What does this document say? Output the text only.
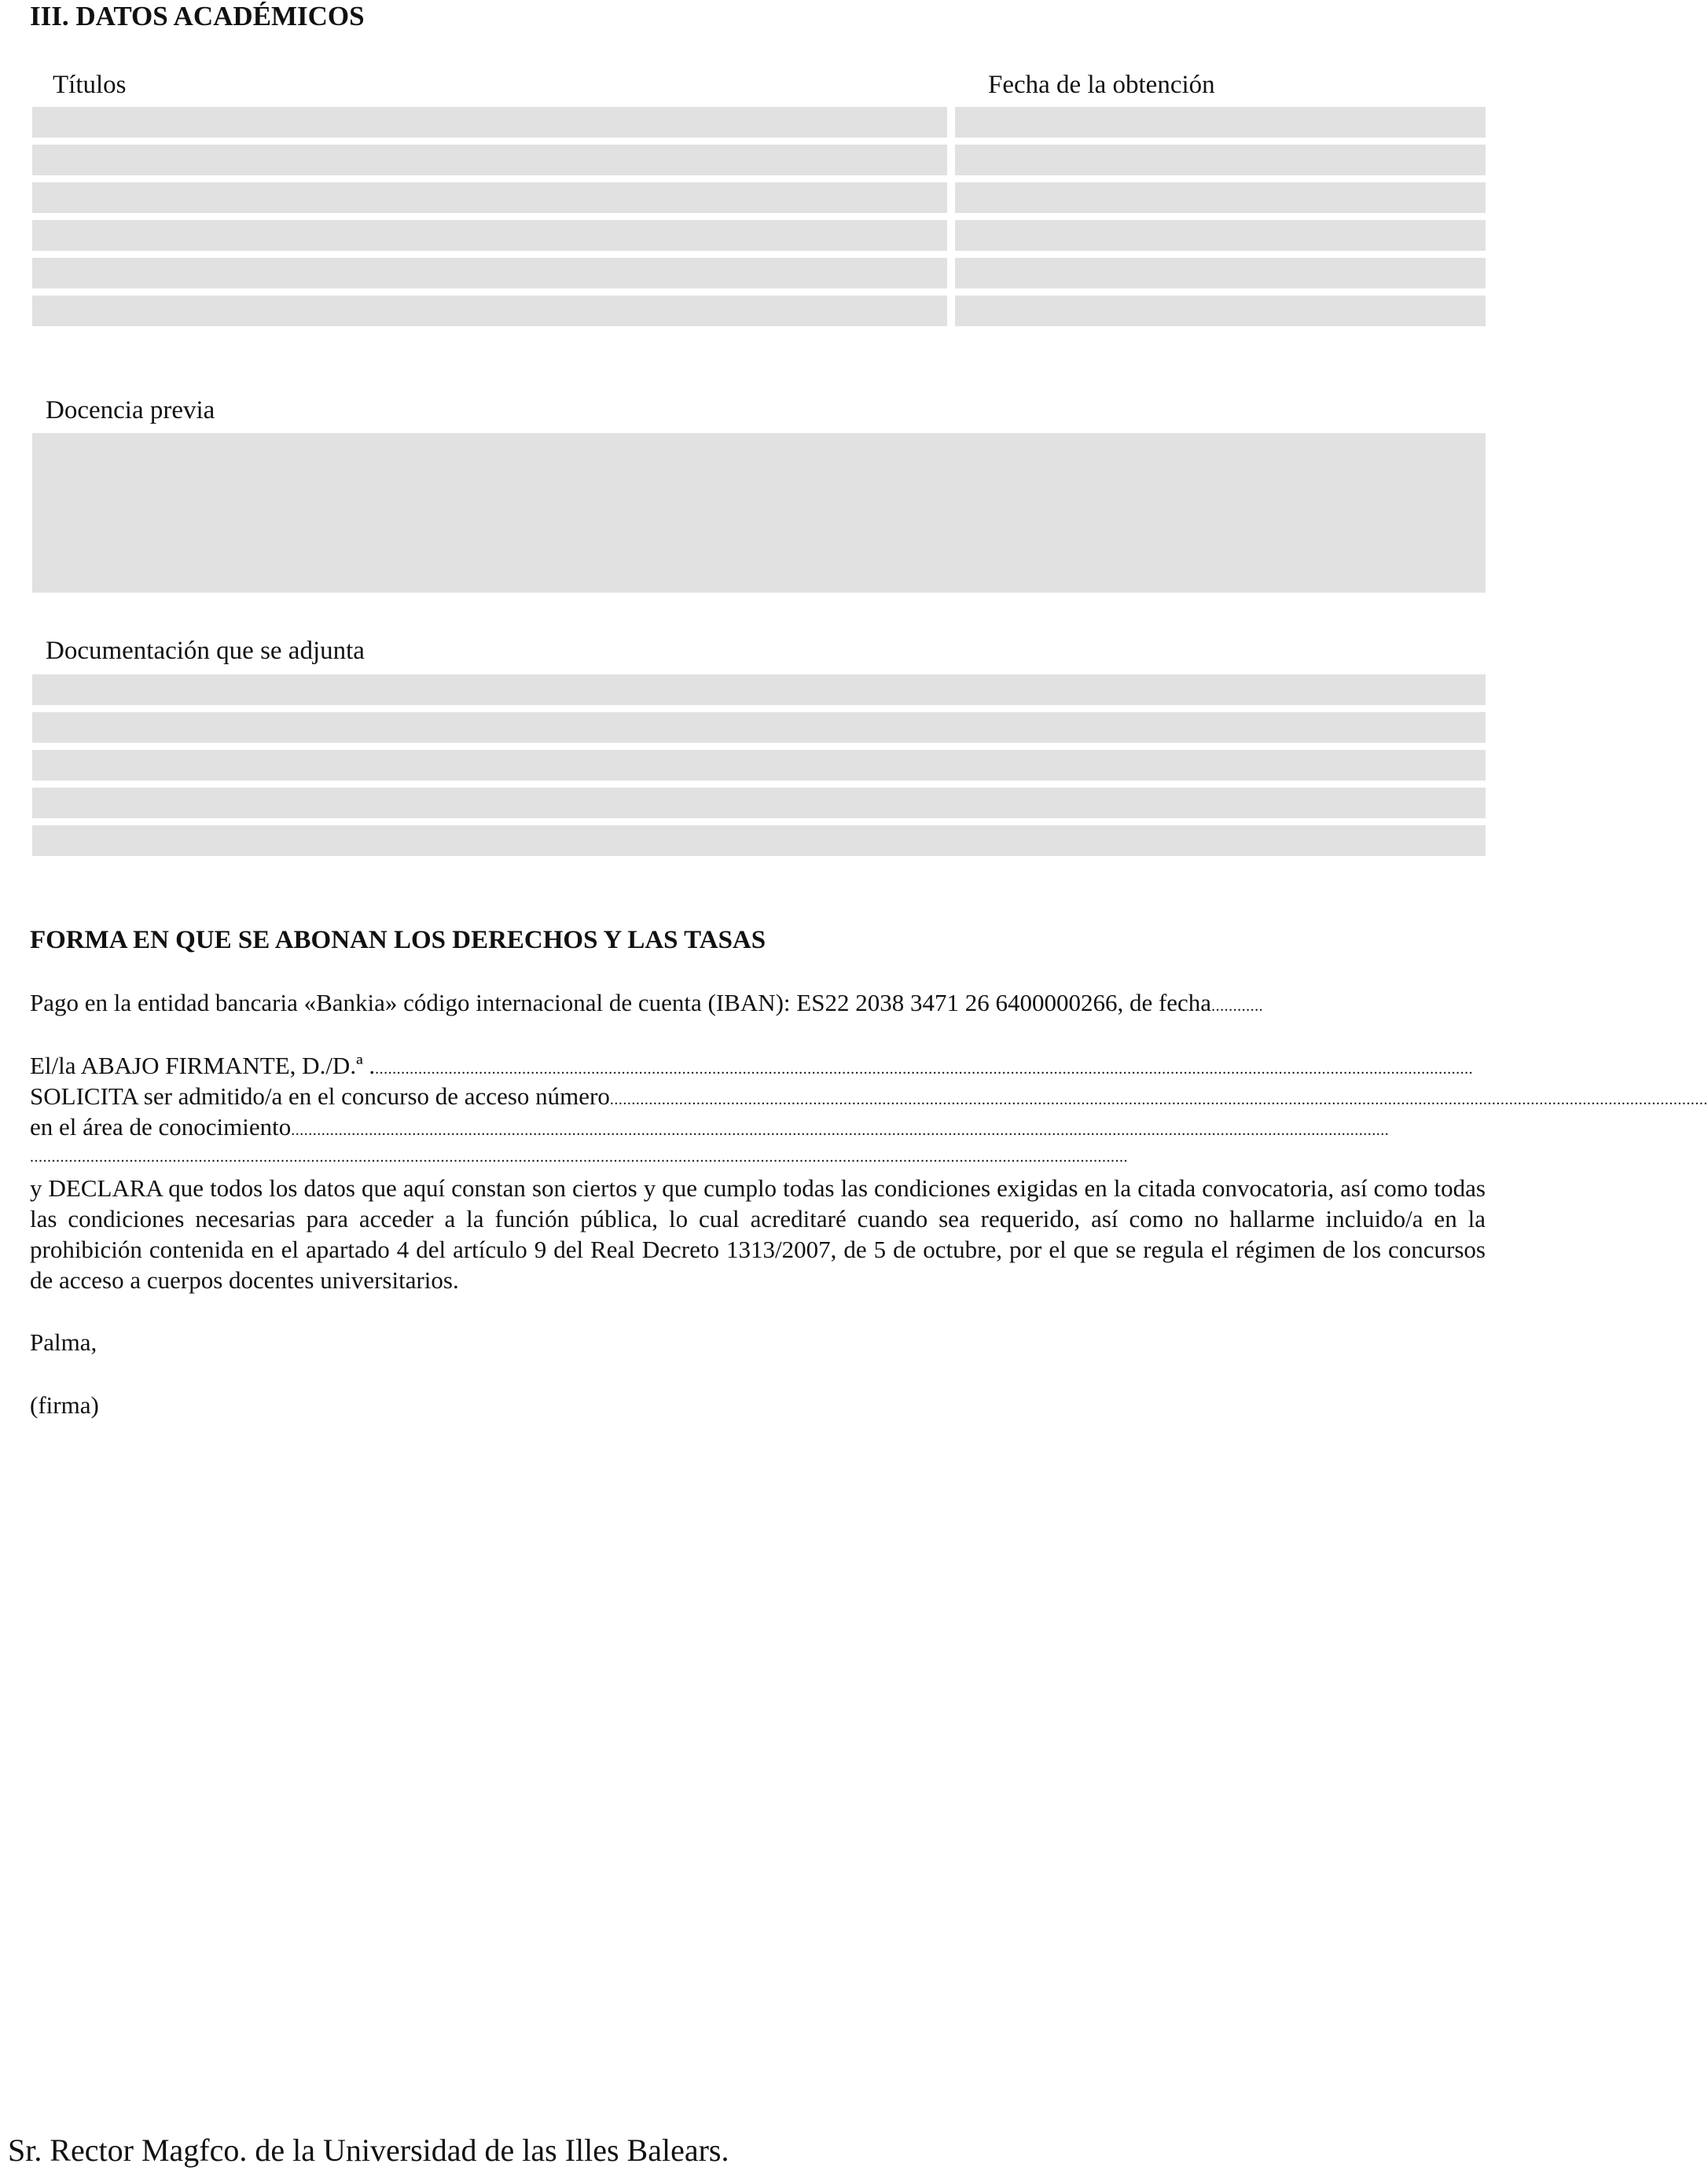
III. DATOS ACADÉMICOS
Títulos	Fecha de la obtención
Docencia previa
Documentación que se adjunta
FORMA EN QUE SE ABONAN LOS DERECHOS Y LAS TASAS
Pago en la entidad bancaria «Bankia» código internacional de cuenta (IBAN): ES22 2038 3471 26 6400000266, de fecha ............
El/la ABAJO FIRMANTE, D./D.ª . ..............................................................................................................................................................................................................................................................
SOLICITA ser admitido/a en el concurso de acceso número ..............................................................................................................................................................................................................................................................
en el área de conocimiento ..............................................................................................................................................................................................................................................................
..............................................................................................................................................................................................................................................................
y DECLARA que todos los datos que aquí constan son ciertos y que cumplo todas las condiciones exigidas en la citada convocatoria, así como todas las condiciones necesarias para acceder a la función pública, lo cual acreditaré cuando sea requerido, así como no hallarme incluido/a en la prohibición contenida en el apartado 4 del artículo 9 del Real Decreto 1313/2007, de 5 de octubre, por el que se regula el régimen de los concursos de acceso a cuerpos docentes universitarios.
Palma,
(firma)
Sr. Rector Magfco. de la Universidad de las Illes Balears.
